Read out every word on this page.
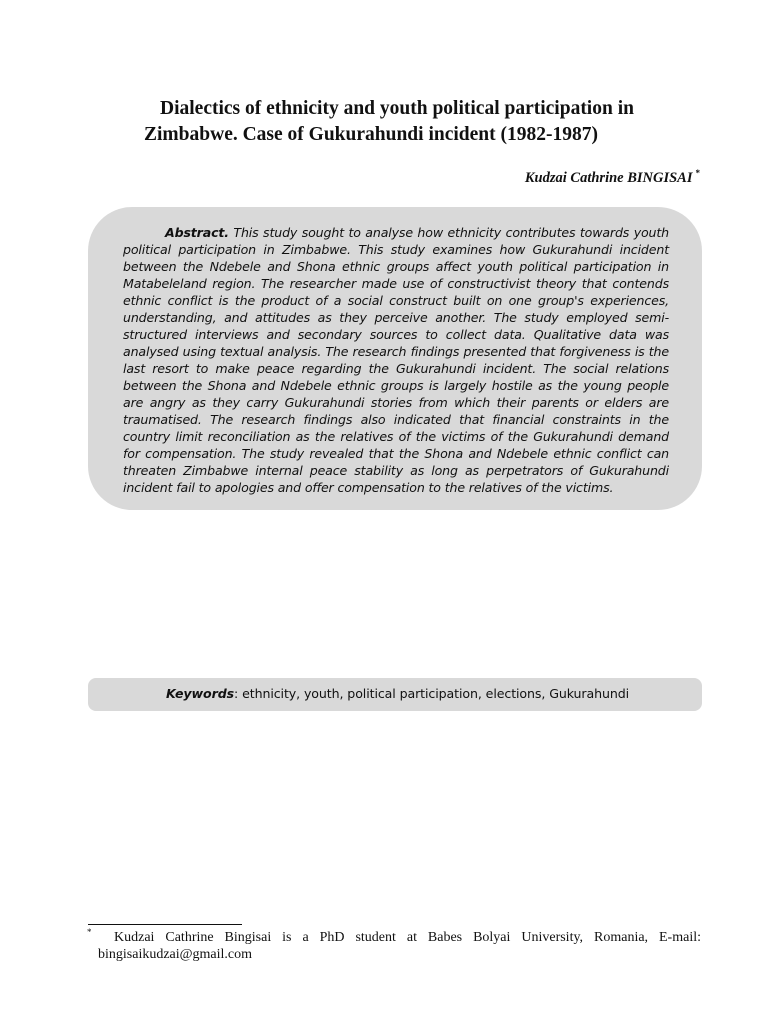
Dialectics of ethnicity and youth political participation in
Zimbabwe. Case of Gukurahundi incident (1982-1987)
Kudzai Cathrine BINGISAI *
Abstract. This study sought to analyse how ethnicity contributes towards youth political participation in Zimbabwe. This study examines how Gukurahundi incident between the Ndebele and Shona ethnic groups affect youth political participation in Matabeleland region. The researcher made use of constructivist theory that contends ethnic conflict is the product of a social construct built on one group's experiences, understanding, and attitudes as they perceive another. The study employed semi-structured interviews and secondary sources to collect data. Qualitative data was analysed using textual analysis. The research findings presented that forgiveness is the last resort to make peace regarding the Gukurahundi incident. The social relations between the Shona and Ndebele ethnic groups is largely hostile as the young people are angry as they carry Gukurahundi stories from which their parents or elders are traumatised. The research findings also indicated that financial constraints in the country limit reconciliation as the relatives of the victims of the Gukurahundi demand for compensation. The study revealed that the Shona and Ndebele ethnic conflict can threaten Zimbabwe internal peace stability as long as perpetrators of Gukurahundi incident fail to apologies and offer compensation to the relatives of the victims.
Keywords: ethnicity, youth, political participation, elections, Gukurahundi
*	Kudzai Cathrine Bingisai is a PhD student at Babes Bolyai University, Romania, E-mail: bingisaikudzai@gmail.com
